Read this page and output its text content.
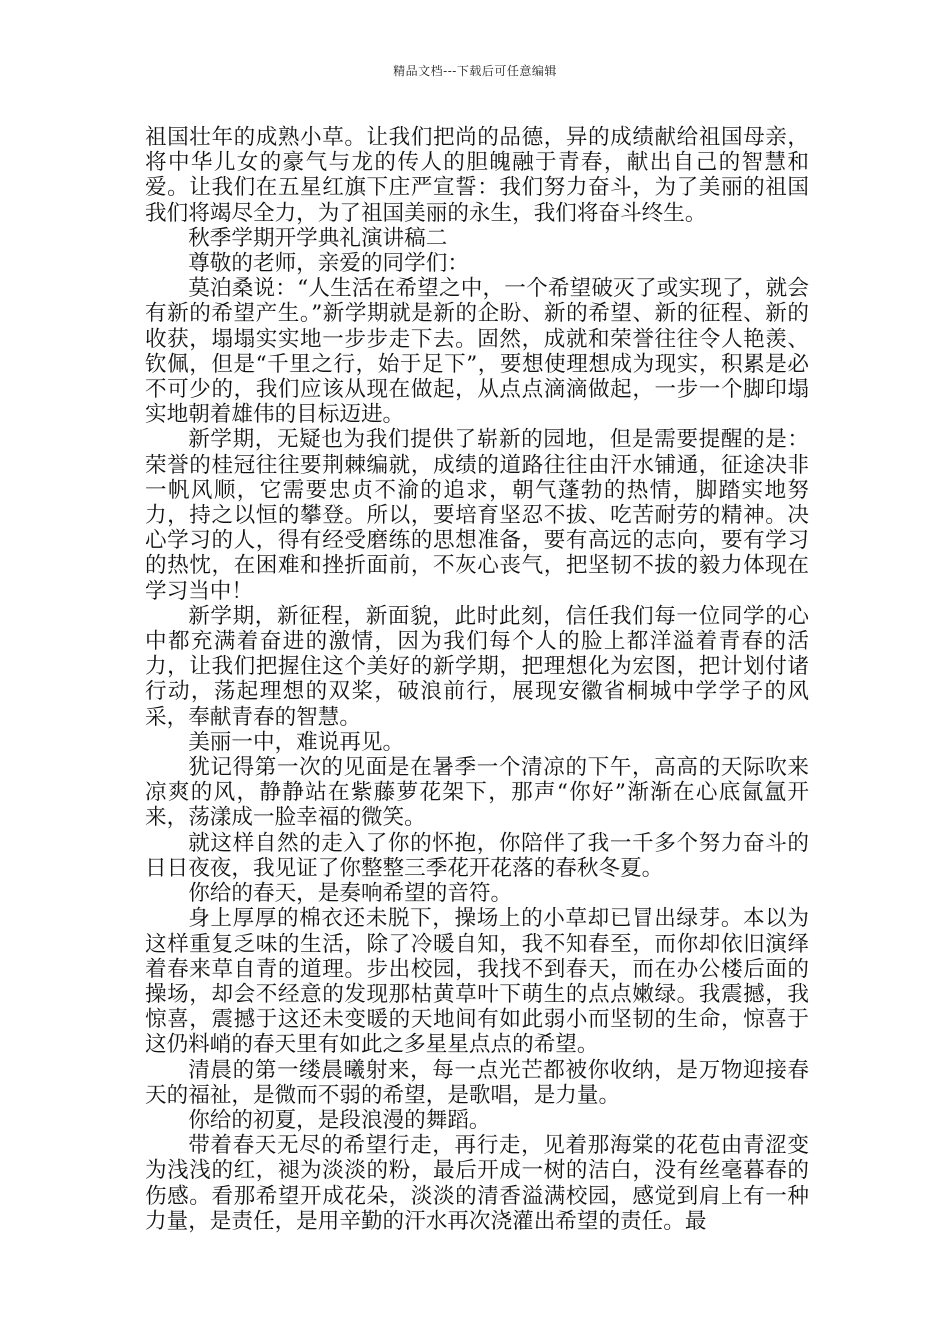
精品文档---下载后可任意编辑

祖国壮年的成熟小草。让我们把尚的品德，异的成绩献给祖国母亲，将中华儿女的豪气与龙的传人的胆魄融于青春，献出自己的智慧和爱。让我们在五星红旗下庄严宣誓：我们努力奋斗，为了美丽的祖国我们将竭尽全力，为了祖国美丽的永生，我们将奋斗终生。

秋季学期开学典礼演讲稿二

尊敬的老师，亲爱的同学们：

莫泊桑说：“人生活在希望之中，一个希望破灭了或实现了，就会有新的希望产生。”新学期就是新的企盼、新的希望、新的征程、新的收获，塌塌实实地一步步走下去。固然，成就和荣誉往往令人艳羡、钦佩，但是“千里之行，始于足下”，要想使理想成为现实，积累是必不可少的，我们应该从现在做起，从点点滴滴做起，一步一个脚印塌实地朝着雄伟的目标迈进。

新学期，无疑也为我们提供了崭新的园地，但是需要提醒的是：荣誉的桂冠往往要荆棘编就，成绩的道路往往由汗水铺通，征途决非一帆风顺，它需要忠贞不渝的追求，朝气蓬勃的热情，脚踏实地努力，持之以恒的攀登。所以，要培育坚忍不拔、吃苦耐劳的精神。决心学习的人，得有经受磨练的思想准备，要有高远的志向，要有学习的热忱，在困难和挫折面前，不灰心丧气，把坚韧不拔的毅力体现在学习当中！

新学期，新征程，新面貌，此时此刻，信任我们每一位同学的心中都充满着奋进的激情，因为我们每个人的脸上都洋溢着青春的活力，让我们把握住这个美好的新学期，把理想化为宏图，把计划付诸行动，荡起理想的双桨，破浪前行，展现安徽省桐城中学学子的风采，奉献青春的智慧。

美丽一中，难说再见。

犹记得第一次的见面是在暑季一个清凉的下午，高高的天际吹来凉爽的风，静静站在紫藤萝花架下，那声“你好”渐渐在心底氤氲开来，荡漾成一脸幸福的微笑。

就这样自然的走入了你的怀抱，你陪伴了我一千多个努力奋斗的日日夜夜，我见证了你整整三季花开花落的春秋冬夏。

你给的春天，是奏响希望的音符。

身上厚厚的棉衣还未脱下，操场上的小草却已冒出绿芽。本以为这样重复乏味的生活，除了冷暖自知，我不知春至，而你却依旧演绎着春来草自青的道理。步出校园，我找不到春天，而在办公楼后面的操场，却会不经意的发现那枯黄草叶下萌生的点点嫩绿。我震撼，我惊喜，震撼于这还未变暖的天地间有如此弱小而坚韧的生命，惊喜于这仍料峭的春天里有如此之多星星点点的希望。

清晨的第一缕晨曦射来，每一点光芒都被你收纳，是万物迎接春天的福祉，是微而不弱的希望，是歌唱，是力量。

你给的初夏，是段浪漫的舞蹈。

带着春天无尽的希望行走，再行走，见着那海棠的花苞由青涩变为浅浅的红，褪为淡淡的粉，最后开成一树的洁白，没有丝毫暮春的伤感。看那希望开成花朵，淡淡的清香溢满校园，感觉到肩上有一种力量，是责任，是用辛勤的汗水再次浇灌出希望的责任。最
